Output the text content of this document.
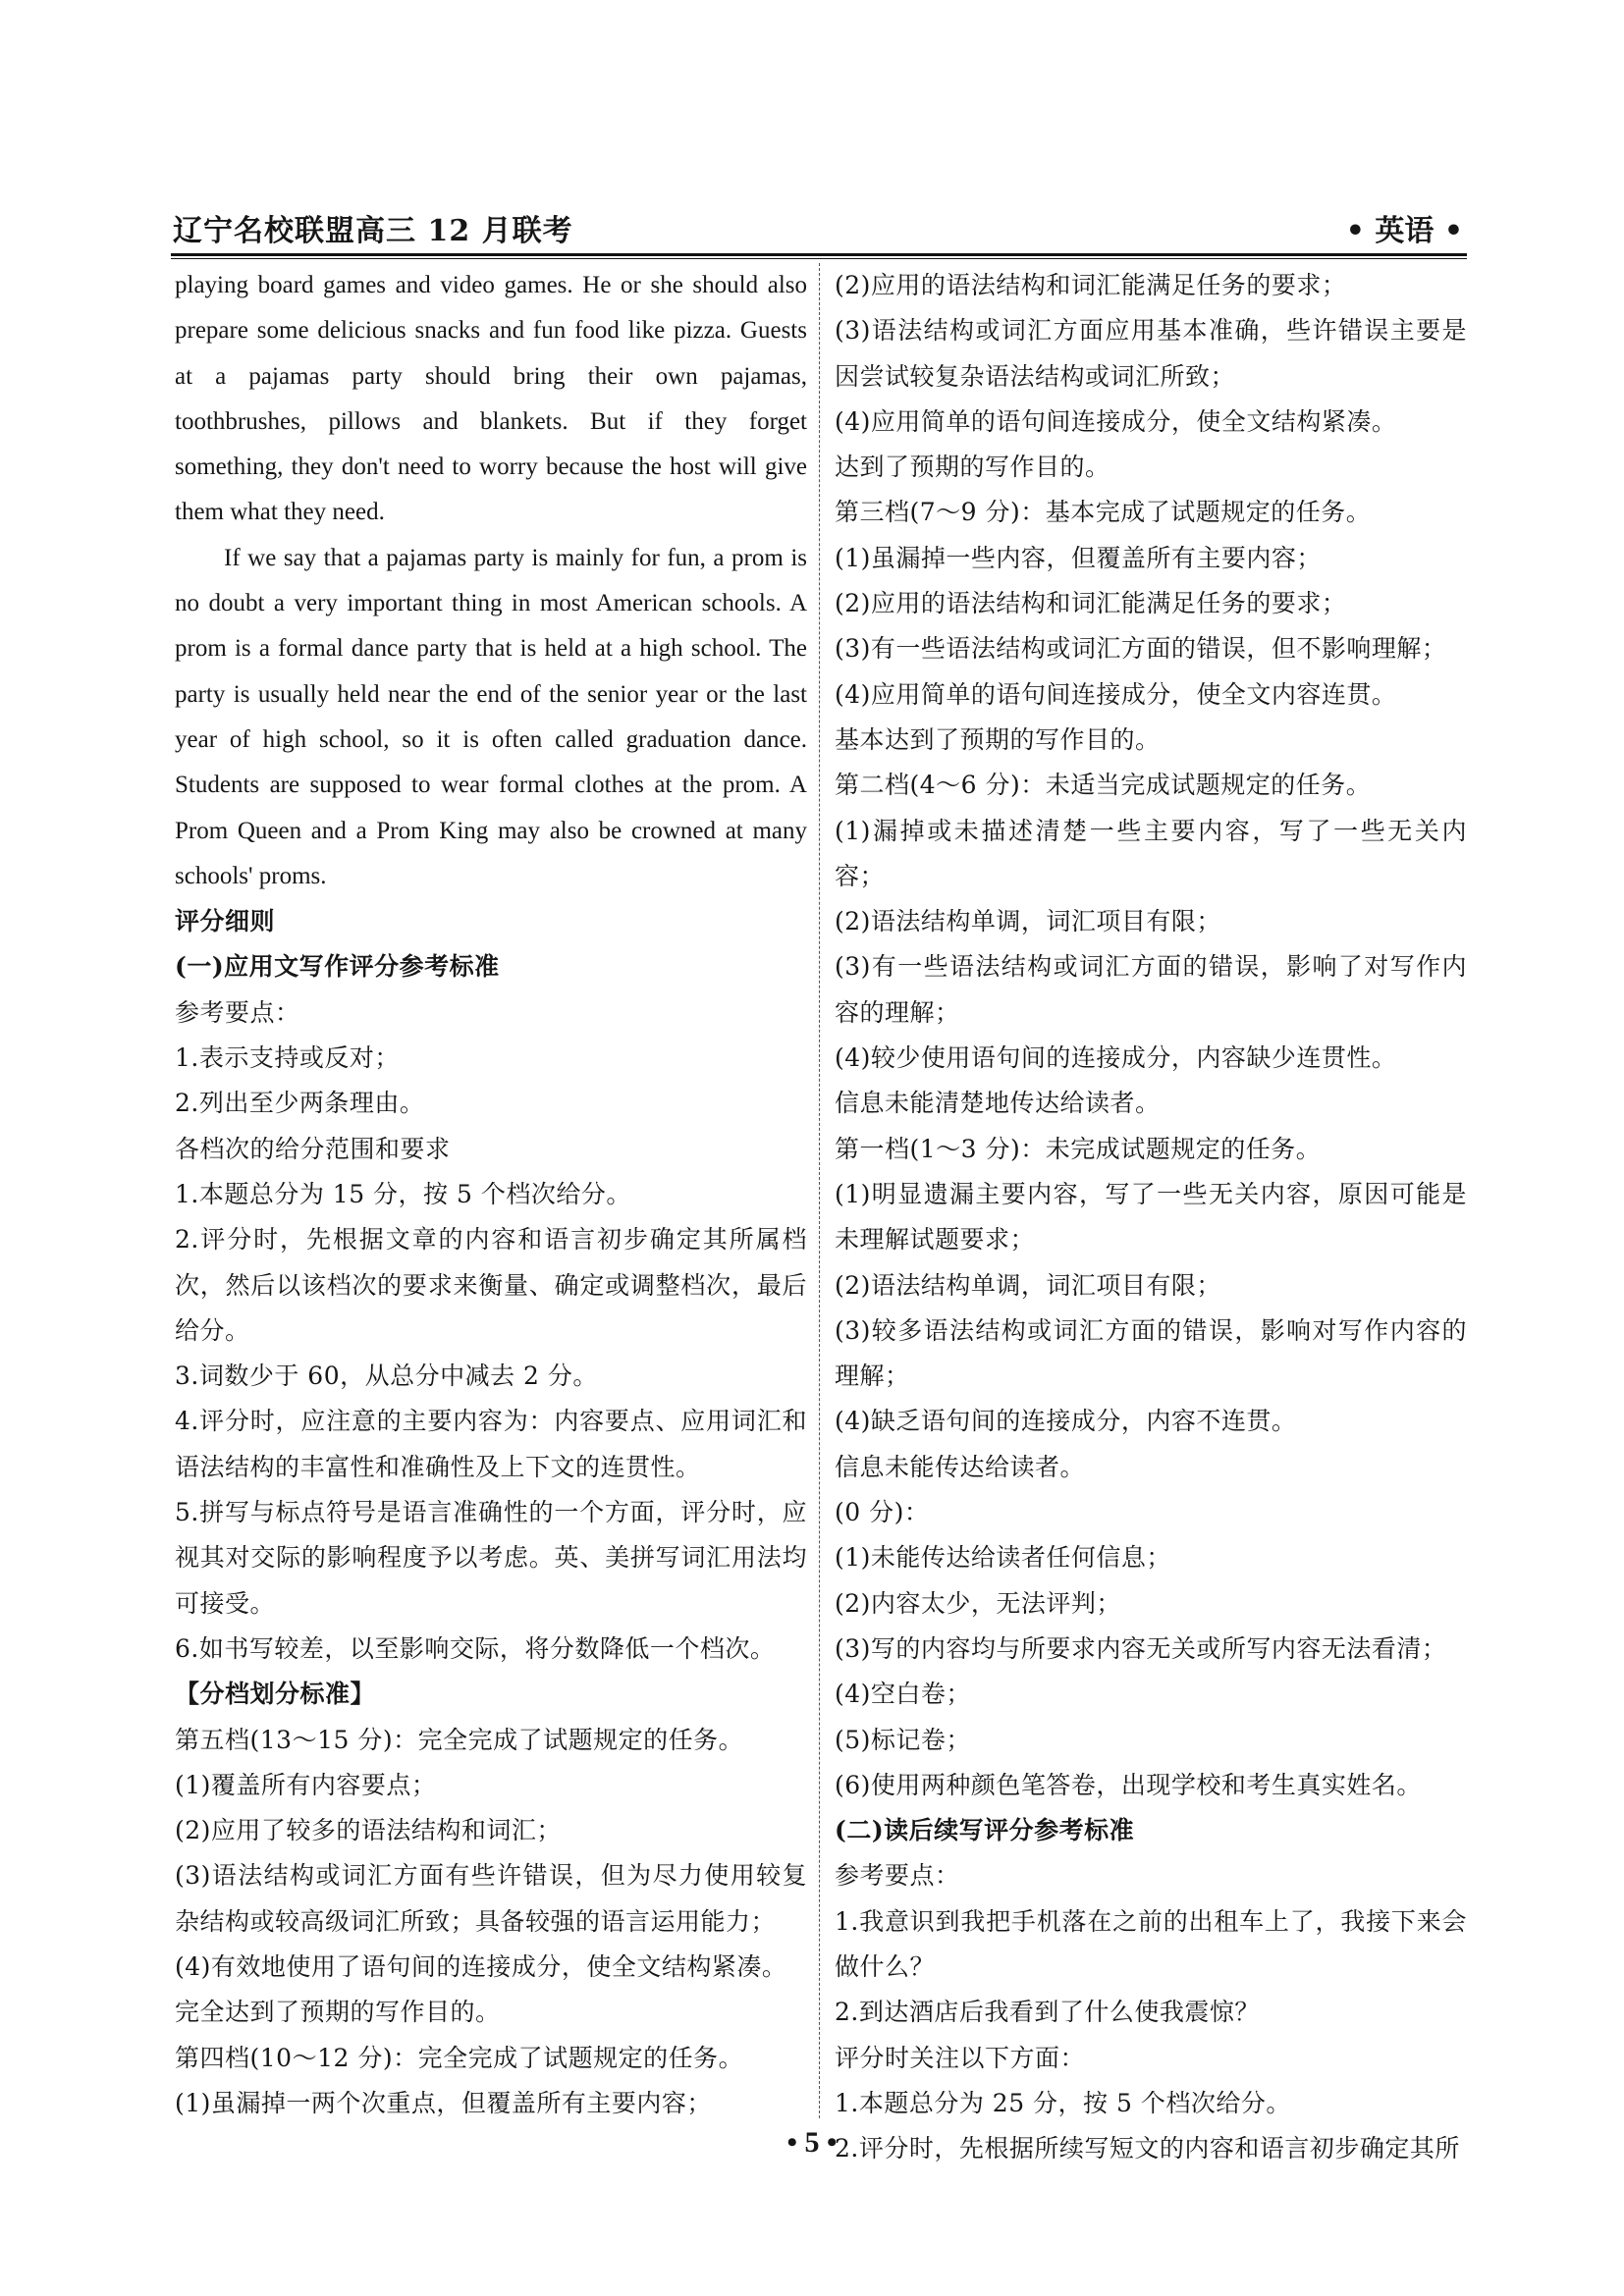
辽宁名校联盟高三 12 月联考	• 英语 •

playing board games and video games. He or she should also prepare some delicious snacks and fun food like pizza. Guests at a pajamas party should bring their own pajamas, toothbrushes, pillows and blankets. But if they forget something, they don't need to worry because the host will give them what they need.

If we say that a pajamas party is mainly for fun, a prom is no doubt a very important thing in most American schools. A prom is a formal dance party that is held at a high school. The party is usually held near the end of the senior year or the last year of high school, so it is often called graduation dance. Students are supposed to wear formal clothes at the prom. A Prom Queen and a Prom King may also be crowned at many schools' proms.

评分细则

(一)应用文写作评分参考标准

参考要点：

1.表示支持或反对；

2.列出至少两条理由。

各档次的给分范围和要求

1.本题总分为 15 分，按 5 个档次给分。

2.评分时，先根据文章的内容和语言初步确定其所属档次，然后以该档次的要求来衡量、确定或调整档次，最后给分。

3.词数少于 60，从总分中减去 2 分。

4.评分时，应注意的主要内容为：内容要点、应用词汇和语法结构的丰富性和准确性及上下文的连贯性。

5.拼写与标点符号是语言准确性的一个方面，评分时，应视其对交际的影响程度予以考虑。英、美拼写词汇用法均可接受。

6.如书写较差，以至影响交际，将分数降低一个档次。

【分档划分标准】

第五档(13～15 分)：完全完成了试题规定的任务。

(1)覆盖所有内容要点；

(2)应用了较多的语法结构和词汇；

(3)语法结构或词汇方面有些许错误，但为尽力使用较复杂结构或较高级词汇所致；具备较强的语言运用能力；

(4)有效地使用了语句间的连接成分，使全文结构紧凑。

完全达到了预期的写作目的。

第四档(10～12 分)：完全完成了试题规定的任务。

(1)虽漏掉一两个次重点，但覆盖所有主要内容；

(2)应用的语法结构和词汇能满足任务的要求；

(3)语法结构或词汇方面应用基本准确，些许错误主要是因尝试较复杂语法结构或词汇所致；

(4)应用简单的语句间连接成分，使全文结构紧凑。

达到了预期的写作目的。

第三档(7～9 分)：基本完成了试题规定的任务。

(1)虽漏掉一些内容，但覆盖所有主要内容；

(2)应用的语法结构和词汇能满足任务的要求；

(3)有一些语法结构或词汇方面的错误，但不影响理解；

(4)应用简单的语句间连接成分，使全文内容连贯。

基本达到了预期的写作目的。

第二档(4～6 分)：未适当完成试题规定的任务。

(1)漏掉或未描述清楚一些主要内容，写了一些无关内容；

(2)语法结构单调，词汇项目有限；

(3)有一些语法结构或词汇方面的错误，影响了对写作内容的理解；

(4)较少使用语句间的连接成分，内容缺少连贯性。

信息未能清楚地传达给读者。

第一档(1～3 分)：未完成试题规定的任务。

(1)明显遗漏主要内容，写了一些无关内容，原因可能是未理解试题要求；

(2)语法结构单调，词汇项目有限；

(3)较多语法结构或词汇方面的错误，影响对写作内容的理解；

(4)缺乏语句间的连接成分，内容不连贯。

信息未能传达给读者。

(0 分)：

(1)未能传达给读者任何信息；

(2)内容太少，无法评判；

(3)写的内容均与所要求内容无关或所写内容无法看清；

(4)空白卷；

(5)标记卷；

(6)使用两种颜色笔答卷，出现学校和考生真实姓名。

(二)读后续写评分参考标准

参考要点：

1.我意识到我把手机落在之前的出租车上了，我接下来会做什么？

2.到达酒店后我看到了什么使我震惊？

评分时关注以下方面：

1.本题总分为 25 分，按 5 个档次给分。

2.评分时，先根据所续写短文的内容和语言初步确定其所

• 5 •
